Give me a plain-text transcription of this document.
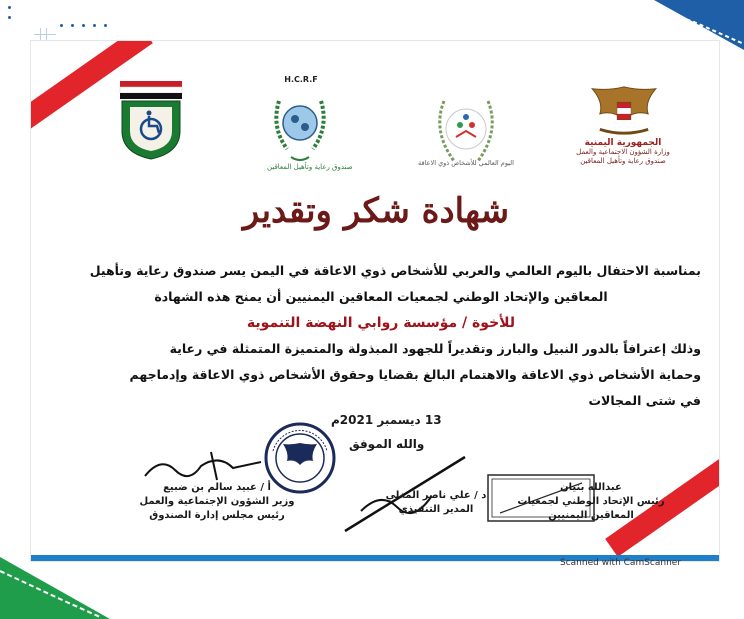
H.C.R.F
صندوق رعاية وتأهيل المعاقين	اليوم العالمي للأشخاص ذوي الاعاقة
الجمهورية اليمنية
وزارة الشؤون الاجتماعية والعمل
صندوق رعاية وتأهيل المعاقين
شهادة شكر وتقدير
بمناسبة الاحتفال باليوم العالمي والعربي للأشخاص ذوي الاعاقة في اليمن يسر صندوق رعاية وتأهيل
المعاقين والإتحاد الوطني لجمعيات المعاقين اليمنيين أن يمنح هذه الشهادة
للأخوة / مؤسسة روابي النهضة التنموية
وذلك إعترافاً بالدور النبيل والبارز وتقديراً للجهود المبذولة والمتميزة المتمثلة في رعاية
وحماية الأشخاص ذوي الاعاقة والاهتمام البالغ بقضايا وحقوق الأشخاص ذوي الاعاقة وإدماجهم
في شتى المجالات
13 ديسمبر 2021م
والله الموفق
أ / عبيد سالم بن ضبيع
وزير الشؤون الإجتماعية والعمل
رئيس مجلس إدارة الصندوق
د / علي ناصر المغلي
المدير التنفيذي
عبدالله بنيان
رئيس الإتحاد الوطني لجمعيات
المعاقين اليمنيين
Scanned with CamScanner
